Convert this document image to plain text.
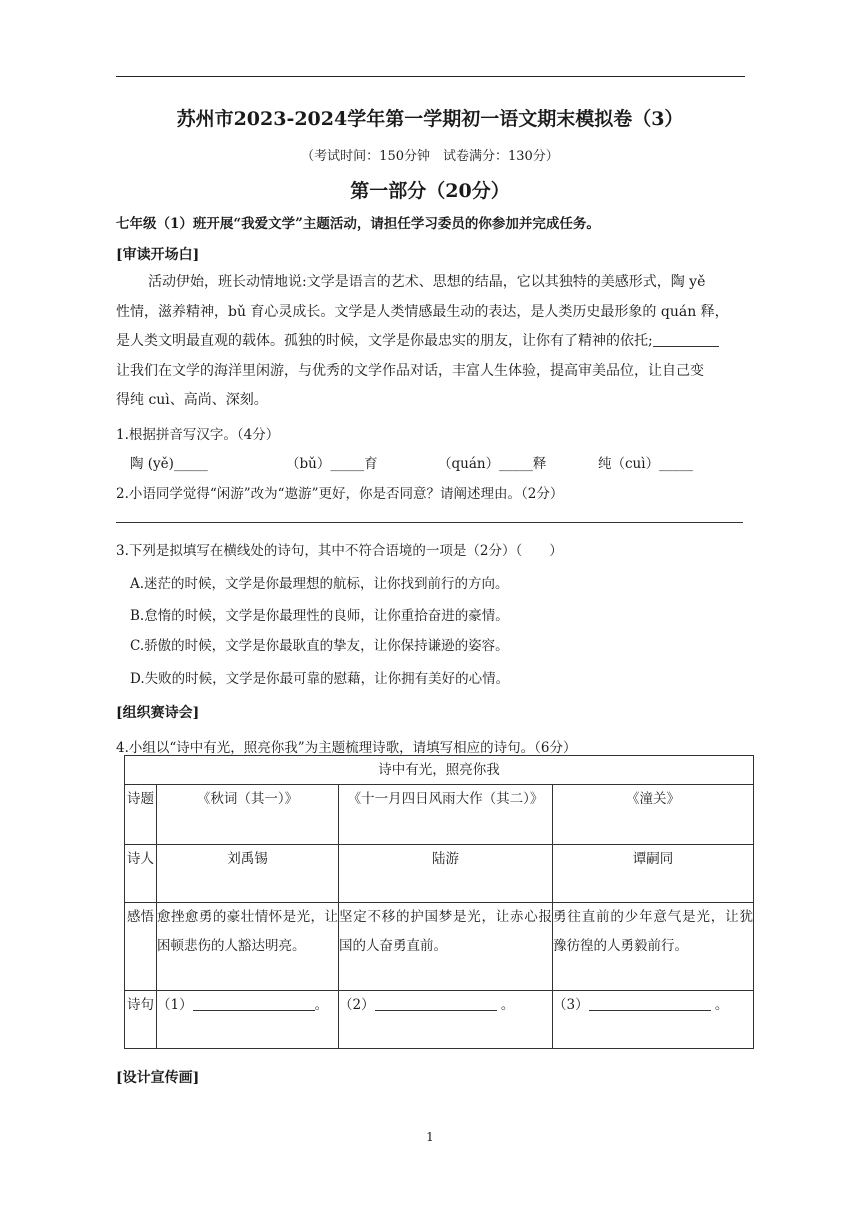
苏州市2023-2024学年第一学期初一语文期末模拟卷（3）
（考试时间：150分钟　试卷满分：130分）
第一部分（20分）
七年级（1）班开展“我爱文学”主题活动，请担任学习委员的你参加并完成任务。
[审读开场白]
活动伊始，班长动情地说:文学是语言的艺术、思想的结晶，它以其独特的美感形式，陶 yě
性情，滋养精神，bǔ 育心灵成长。文学是人类情感最生动的表达，是人类历史最形象的 quán 释，
是人类文明最直观的载体。孤独的时候，文学是你最忠实的朋友，让你有了精神的依托;
让我们在文学的海洋里闲游，与优秀的文学作品对话，丰富人生体验，提高审美品位，让自己变
得纯 cuì、高尚、深刻。
1.根据拼音写汉字。（4分）
陶 (yě)_____	（bǔ）_____育	（quán）_____释	纯（cuì）_____
2.小语同学觉得“闲游”改为“遨游”更好，你是否同意？请阐述理由。（2分）
3.下列是拟填写在横线处的诗句，其中不符合语境的一项是（2分）（　　）
A.迷茫的时候，文学是你最理想的航标，让你找到前行的方向。
B.怠惰的时候，文学是你最理性的良师，让你重拾奋进的豪情。
C.骄傲的时候，文学是你最耿直的挚友，让你保持谦逊的姿容。
D.失败的时候，文学是你最可靠的慰藉，让你拥有美好的心情。
[组织赛诗会]
4.小组以“诗中有光，照亮你我”为主题梳理诗歌，请填写相应的诗句。（6分）
诗中有光，照亮你我			
诗题	《秋词（其一）》	《十一月四日风雨大作（其二）》	《潼关》
诗人	刘禹锡	陆游	谭嗣同
感悟	愈挫愈勇的豪壮情怀是光，让困顿悲伤的人豁达明亮。	坚定不移的护国梦是光，让赤心报国的人奋勇直前。	勇往直前的少年意气是光，让犹豫彷徨的人勇毅前行。
诗句	（1） 。	（2） 。	（3） 。
[设计宣传画]
1
